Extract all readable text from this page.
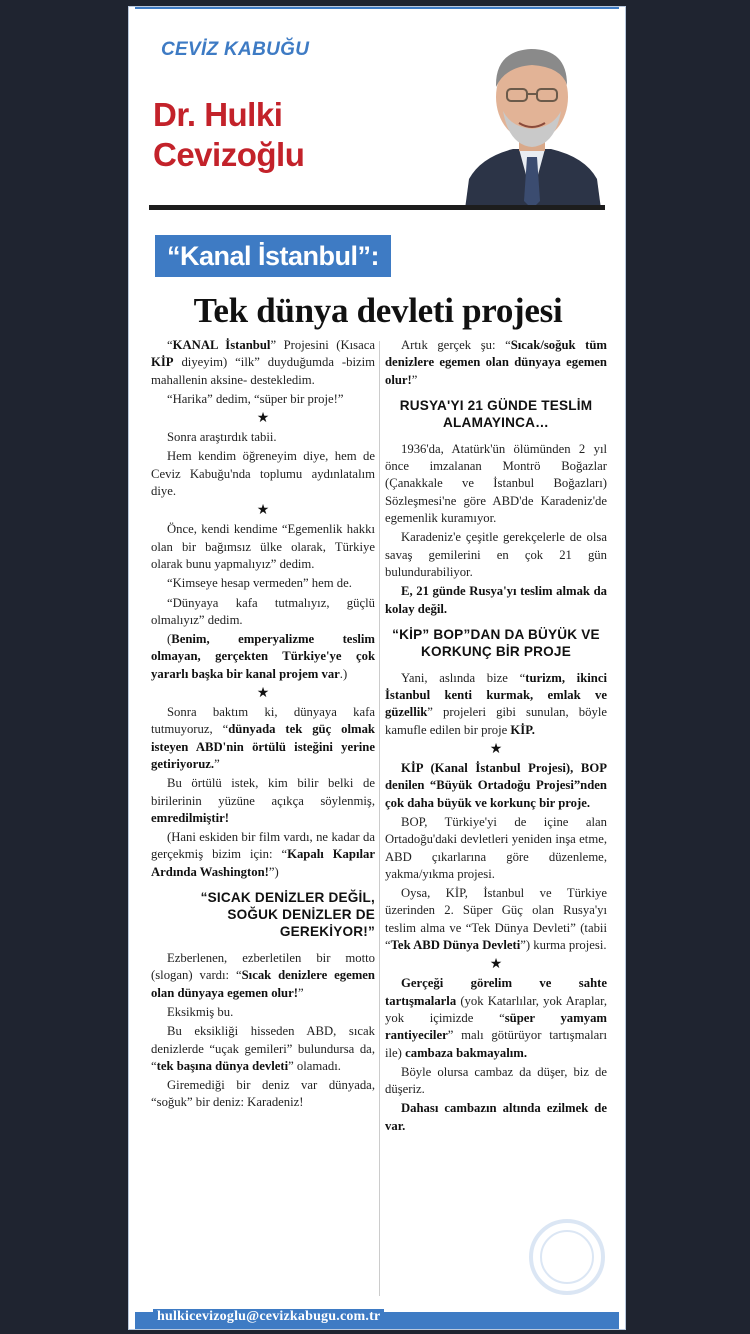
CEVİZ KABUĞU
Dr. Hulki
Cevizoğlu
“Kanal İstanbul”:
Tek dünya devleti projesi

“KANAL İstanbul” Projesini (Kısaca KİP diyeyim) “ilk” duyduğumda -bizim mahallenin aksine- destekledim.

“Harika” dedim, “süper bir proje!”

★

Sonra araştırdık tabii.

Hem kendim öğreneyim diye, hem de Ceviz Kabuğu'nda toplumu aydınlatalım diye.

★

Önce, kendi kendime “Egemenlik hakkı olan bir bağımsız ülke olarak, Türkiye olarak bunu yapmalıyız” dedim.

“Kimseye hesap vermeden” hem de.

“Dünyaya kafa tutmalıyız, güçlü olmalıyız” dedim.

(Benim, emperyalizme teslim olmayan, gerçekten Türkiye'ye çok yararlı başka bir kanal projem var.)

★

Sonra baktım ki, dünyaya kafa tutmuyoruz, “dünyada tek güç olmak isteyen ABD'nin örtülü isteğini yerine getiriyoruz.”

Bu örtülü istek, kim bilir belki de birilerinin yüzüne açıkça söylenmiş, emredilmiştir!

(Hani eskiden bir film vardı, ne kadar da gerçekmiş bizim için: “Kapalı Kapılar Ardında Washington!”)

“SICAK DENİZLER DEĞİL, SOĞUK DENİZLER DE GEREKİYOR!”

Ezberlenen, ezberletilen bir motto (slogan) vardı: “Sıcak denizlere egemen olan dünyaya egemen olur!”

Eksikmiş bu.

Bu eksikliği hisseden ABD, sıcak denizlerde “uçak gemileri” bulundursa da, “tek başına dünya devleti” olamadı.

Giremediği bir deniz var dünyada, “soğuk” bir deniz: Karadeniz!

Artık gerçek şu: “Sıcak/soğuk tüm denizlere egemen olan dünyaya egemen olur!”

RUSYA'YI 21 GÜNDE TESLİM ALAMAYINCA…

1936'da, Atatürk'ün ölümünden 2 yıl önce imzalanan Montrö Boğazlar (Çanakkale ve İstanbul Boğazları) Sözleşmesi'ne göre ABD'de Karadeniz'de egemenlik kuramıyor.

Karadeniz'e çeşitle gerekçelerle de olsa savaş gemilerini en çok 21 gün bulundurabiliyor.

E, 21 günde Rusya'yı teslim almak da kolay değil.

“KİP” BOP”DAN DA BÜYÜK VE KORKUNÇ BİR PROJE

Yani, aslında bize “turizm, ikinci İstanbul kenti kurmak, emlak ve güzellik” projeleri gibi sunulan, böyle kamufle edilen bir proje KİP.

★

KİP (Kanal İstanbul Projesi), BOP denilen “Büyük Ortadoğu Projesi”nden çok daha büyük ve korkunç bir proje.

BOP, Türkiye'yi de içine alan Ortadoğu'daki devletleri yeniden inşa etme, ABD çıkarlarına göre düzenleme, yakma/yıkma projesi.

Oysa, KİP, İstanbul ve Türkiye üzerinden 2. Süper Güç olan Rusya'yı teslim alma ve “Tek Dünya Devleti” (tabii “Tek ABD Dünya Devleti”) kurma projesi.

★

Gerçeği görelim ve sahte tartışmalarla (yok Katarlılar, yok Araplar, yok içimizde “süper yamyam rantiyeciler” malı götürüyor tartışmaları ile) cambaza bakmayalım.

Böyle olursa cambaz da düşer, biz de düşeriz.

Dahası cambazın altında ezilmek de var.

hulkicevizoglu@cevizkabugu.com.tr
